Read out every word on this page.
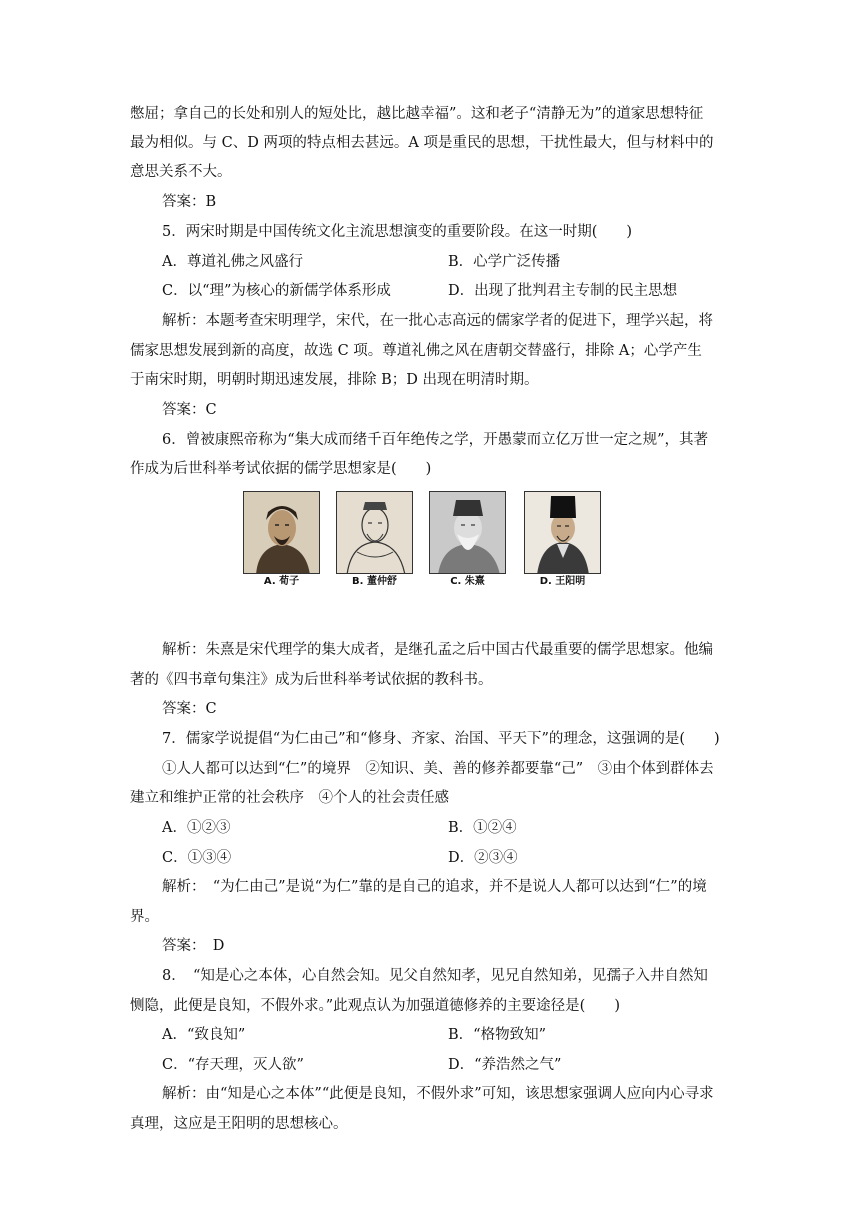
憋屈；拿自己的长处和别人的短处比，越比越幸福”。这和老子“清静无为”的道家思想特征
最为相似。与 C、D 两项的特点相去甚远。A 项是重民的思想，干扰性最大，但与材料中的
意思关系不大。
答案：B
5．两宋时期是中国传统文化主流思想演变的重要阶段。在这一时期(　　)
A．尊道礼佛之风盛行	B．心学广泛传播
C．以“理”为核心的新儒学体系形成	D．出现了批判君主专制的民主思想
解析：本题考查宋明理学，宋代，在一批心志高远的儒家学者的促进下，理学兴起，将
儒家思想发展到新的高度，故选 C 项。尊道礼佛之风在唐朝交替盛行，排除 A；心学产生
于南宋时期，明朝时期迅速发展，排除 B；D 出现在明清时期。
答案：C
6．曾被康熙帝称为“集大成而绪千百年绝传之学，开愚蒙而立亿万世一定之规”，其著
作成为后世科举考试依据的儒学思想家是(　　)
A. 荀子	B. 董仲舒	C. 朱熹	D. 王阳明
解析：朱熹是宋代理学的集大成者，是继孔孟之后中国古代最重要的儒学思想家。他编
著的《四书章句集注》成为后世科举考试依据的教科书。
答案：C
7．儒家学说提倡“为仁由己”和“修身、齐家、治国、平天下”的理念，这强调的是(　　)
①人人都可以达到“仁”的境界　②知识、美、善的修养都要靠“己”　③由个体到群体去
建立和维护正常的社会秩序　④个人的社会责任感
A．①②③	B．①②④
C．①③④	D．②③④
解析：　“为仁由己”是说“为仁”靠的是自己的追求，并不是说人人都可以达到“仁”的境
界。
答案：　D
8．　“知是心之本体，心自然会知。见父自然知孝，见兄自然知弟，见孺子入井自然知
恻隐，此便是良知，不假外求。”此观点认为加强道德修养的主要途径是(　　)
A．“致良知”	B．“格物致知”
C．“存天理，灭人欲”	D．“养浩然之气”
解析：由“知是心之本体”“此便是良知，不假外求”可知，该思想家强调人应向内心寻求
真理，这应是王阳明的思想核心。
